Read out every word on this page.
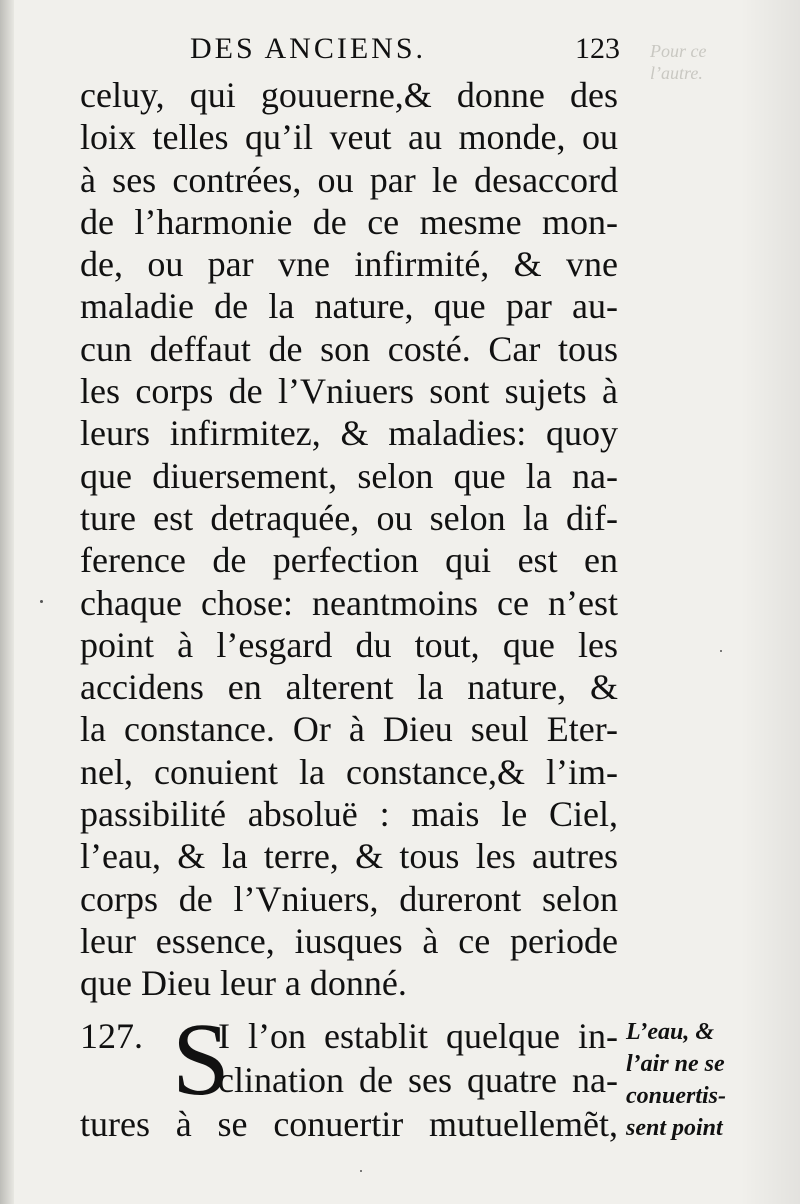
Pour ce
l’autre.
DES ANCIENS.	123
celuy, qui gouuerne,& donne des
loix telles qu’il veut au monde, ou
à ses contrées, ou par le desaccord
de l’harmonie de ce mesme mon-
de, ou par vne infirmité, & vne
maladie de la nature, que par au-
cun deffaut de son costé. Car tous
les corps de l’Vniuers sont sujets à
leurs infirmitez, & maladies: quoy
que diuersement, selon que la na-
ture est detraquée, ou selon la dif-
ference de perfection qui est en
chaque chose: neantmoins ce n’est
point à l’esgard du tout, que les
accidens en alterent la nature, &
la constance. Or à Dieu seul Eter-
nel, conuient la constance,& l’im-
passibilité absoluë : mais le Ciel,
l’eau, & la terre, & tous les autres
corps de l’Vniuers, dureront selon
leur essence, iusques à ce periode
que Dieu leur a donné.
127. S
I l’on establit quelque in-
clination de ses quatre na-
tures à se conuertir mutuellemẽt,
L’eau, &
l’air ne se
conuertis-
sent point
